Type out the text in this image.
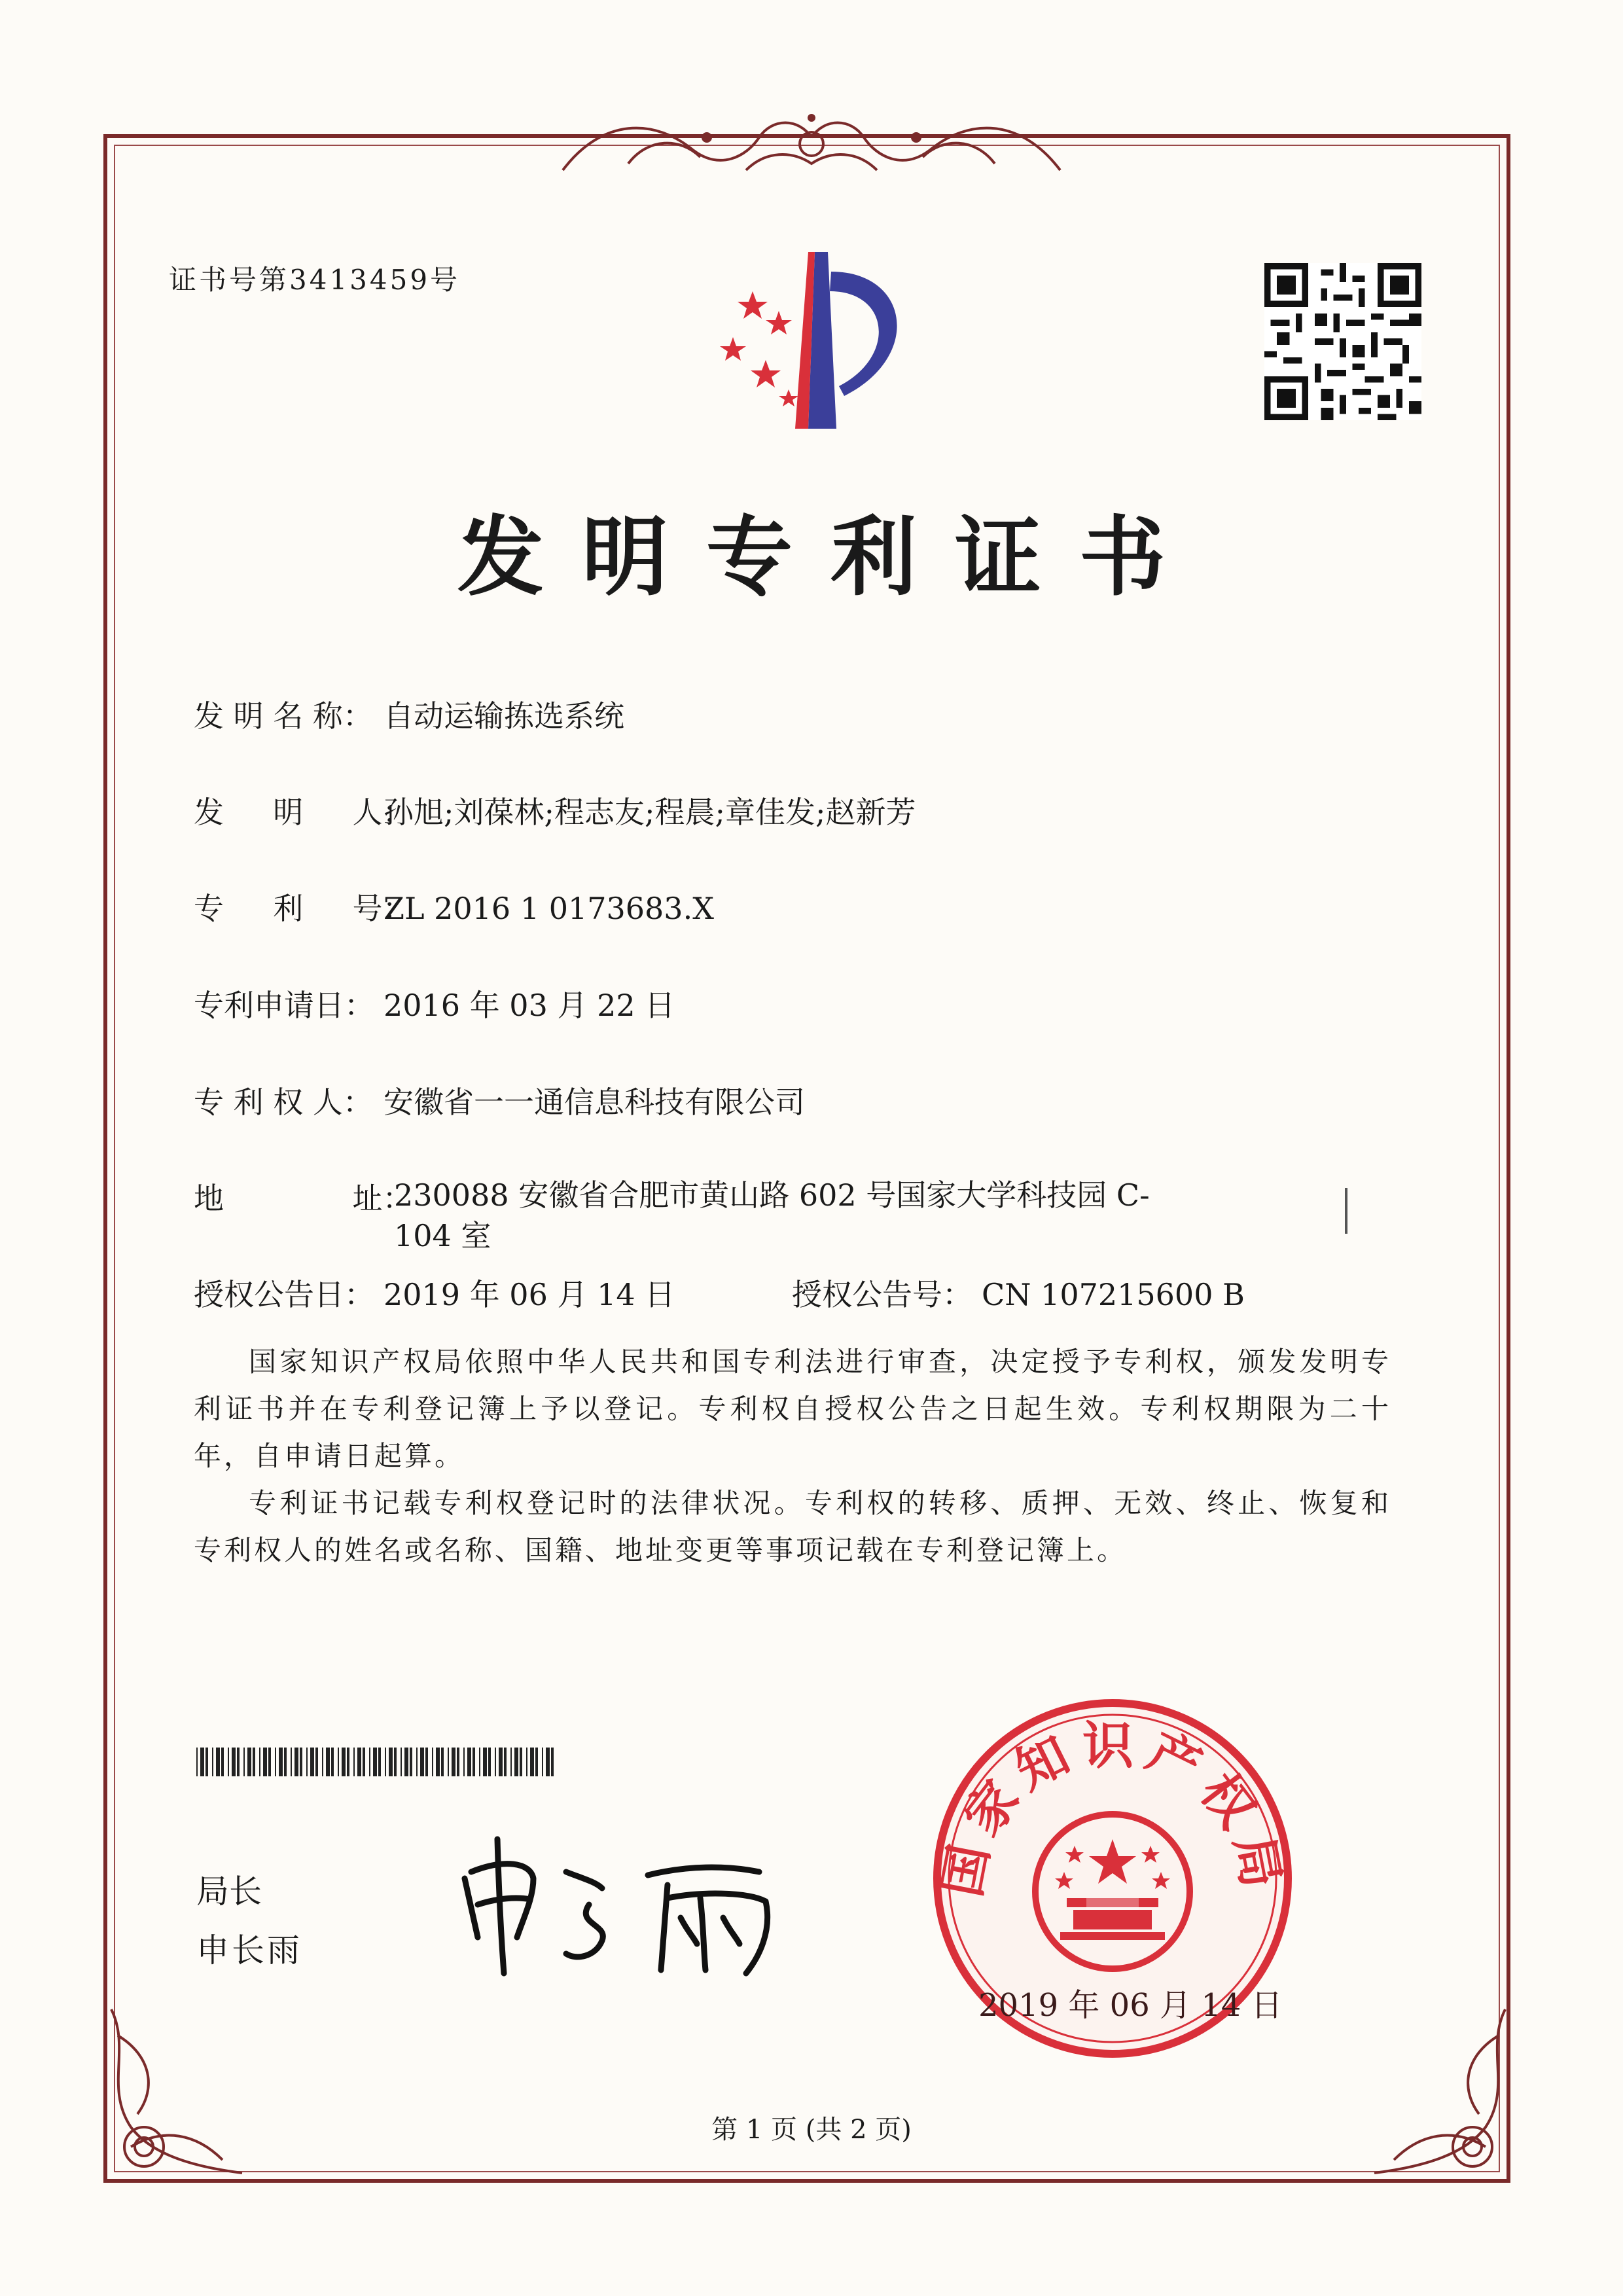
证书号第3413459号
发明专利证书
发 明 名 称： 自动运输拣选系统
发 　 明 　 人：孙旭;刘葆林;程志友;程晨;章佳发;赵新芳
专 　 利 　 号：ZL 2016 1 0173683.X
专利申请日： 2016 年 03 月 22 日
专 利 权 人： 安徽省一一通信息科技有限公司
地 　 　 　 址：
230088 安徽省合肥市黄山路 602 号国家大学科技园 C-104 室
授权公告日： 2019 年 06 月 14 日	授权公告号： CN 107215600 B

国家知识产权局依照中华人民共和国专利法进行审查，决定授予专利权，颁发发明专利证书并在专利登记簿上予以登记。专利权自授权公告之日起生效。专利权期限为二十年，自申请日起算。

专利证书记载专利权登记时的法律状况。专利权的转移、质押、无效、终止、恢复和专利权人的姓名或名称、国籍、地址变更等事项记载在专利登记簿上。

局长
申长雨
国家知识产权局
2019 年 06 月 14 日
第 1 页 (共 2 页)
